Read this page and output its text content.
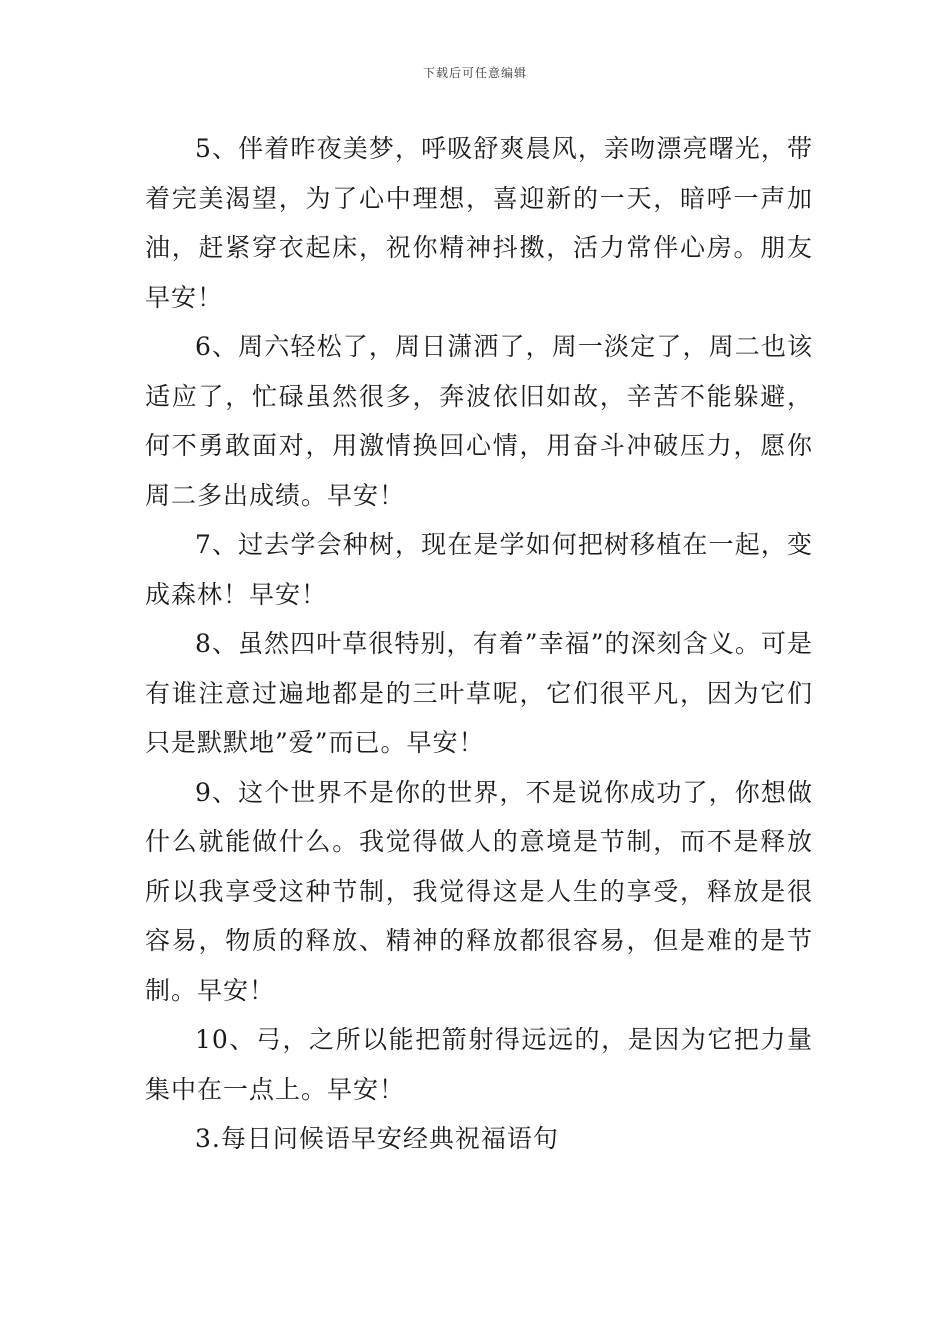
下载后可任意编辑

5、伴着昨夜美梦，呼吸舒爽晨风，亲吻漂亮曙光，带着完美渴望，为了心中理想，喜迎新的一天，暗呼一声加油，赶紧穿衣起床，祝你精神抖擞，活力常伴心房。朋友早安！

6、周六轻松了，周日潇洒了，周一淡定了，周二也该适应了，忙碌虽然很多，奔波依旧如故，辛苦不能躲避，何不勇敢面对，用激情换回心情，用奋斗冲破压力，愿你周二多出成绩。早安！

7、过去学会种树，现在是学如何把树移植在一起，变成森林！早安！

8、虽然四叶草很特别，有着”幸福”的深刻含义。可是有谁注意过遍地都是的三叶草呢，它们很平凡，因为它们只是默默地”爱”而已。早安！

9、这个世界不是你的世界，不是说你成功了，你想做什么就能做什么。我觉得做人的意境是节制，而不是释放所以我享受这种节制，我觉得这是人生的享受，释放是很容易，物质的释放、精神的释放都很容易，但是难的是节制。早安！

10、弓，之所以能把箭射得远远的，是因为它把力量集中在一点上。早安！

3.每日问候语早安经典祝福语句
